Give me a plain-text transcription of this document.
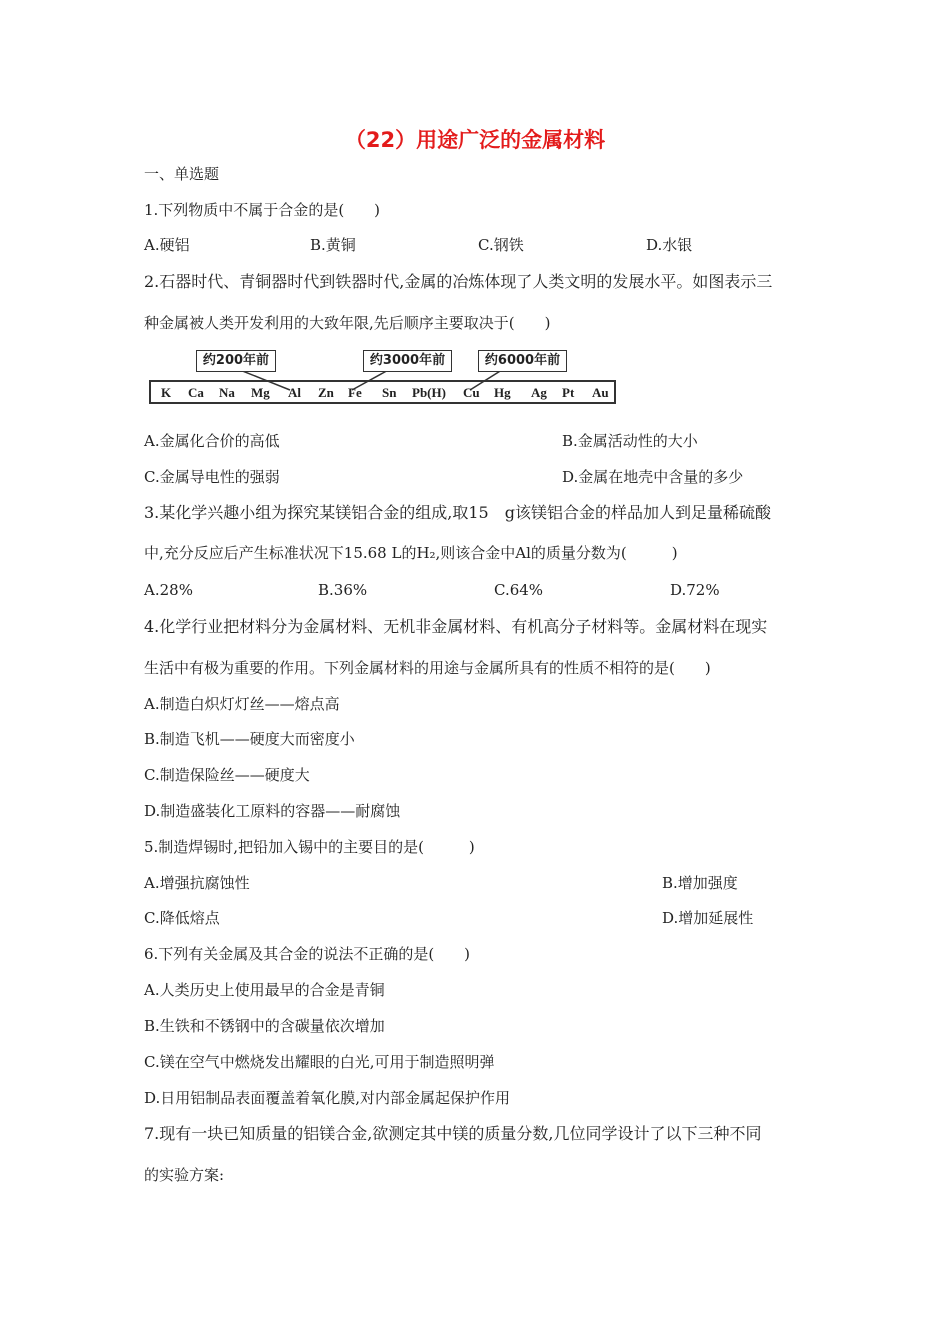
（22）用途广泛的金属材料
一、单选题
1.下列物质中不属于合金的是(　　)
A.硬铝	B.黄铜	C.钢铁	D.水银
2.石器时代、青铜器时代到铁器时代,金属的冶炼体现了人类文明的发展水平。如图表示三
种金属被人类开发利用的大致年限,先后顺序主要取决于(　　)
K Ca Na Mg Al Zn Fe Sn Pb(H) Cu Hg Ag Pt Au
约200年前	约3000年前	约6000年前
A.金属化合价的高低	B.金属活动性的大小
C.金属导电性的强弱	D.金属在地壳中含量的多少
3.某化学兴趣小组为探究某镁铝合金的组成,取15　g该镁铝合金的样品加人到足量稀硫酸
中,充分反应后产生标准状况下15.68 L的H₂,则该合金中Al的质量分数为(　　　)
A.28%	B.36%	C.64%	D.72%
4.化学行业把材料分为金属材料、无机非金属材料、有机高分子材料等。金属材料在现实
生活中有极为重要的作用。下列金属材料的用途与金属所具有的性质不相符的是(　　)
A.制造白炽灯灯丝——熔点高
B.制造飞机——硬度大而密度小
C.制造保险丝——硬度大
D.制造盛装化工原料的容器——耐腐蚀
5.制造焊锡时,把铅加入锡中的主要目的是(　　　)
A.增强抗腐蚀性	B.增加强度
C.降低熔点	D.增加延展性
6.下列有关金属及其合金的说法不正确的是(　　)
A.人类历史上使用最早的合金是青铜
B.生铁和不锈钢中的含碳量依次增加
C.镁在空气中燃烧发出耀眼的白光,可用于制造照明弹
D.日用铝制品表面覆盖着氧化膜,对内部金属起保护作用
7.现有一块已知质量的铝镁合金,欲测定其中镁的质量分数,几位同学设计了以下三种不同
的实验方案:
